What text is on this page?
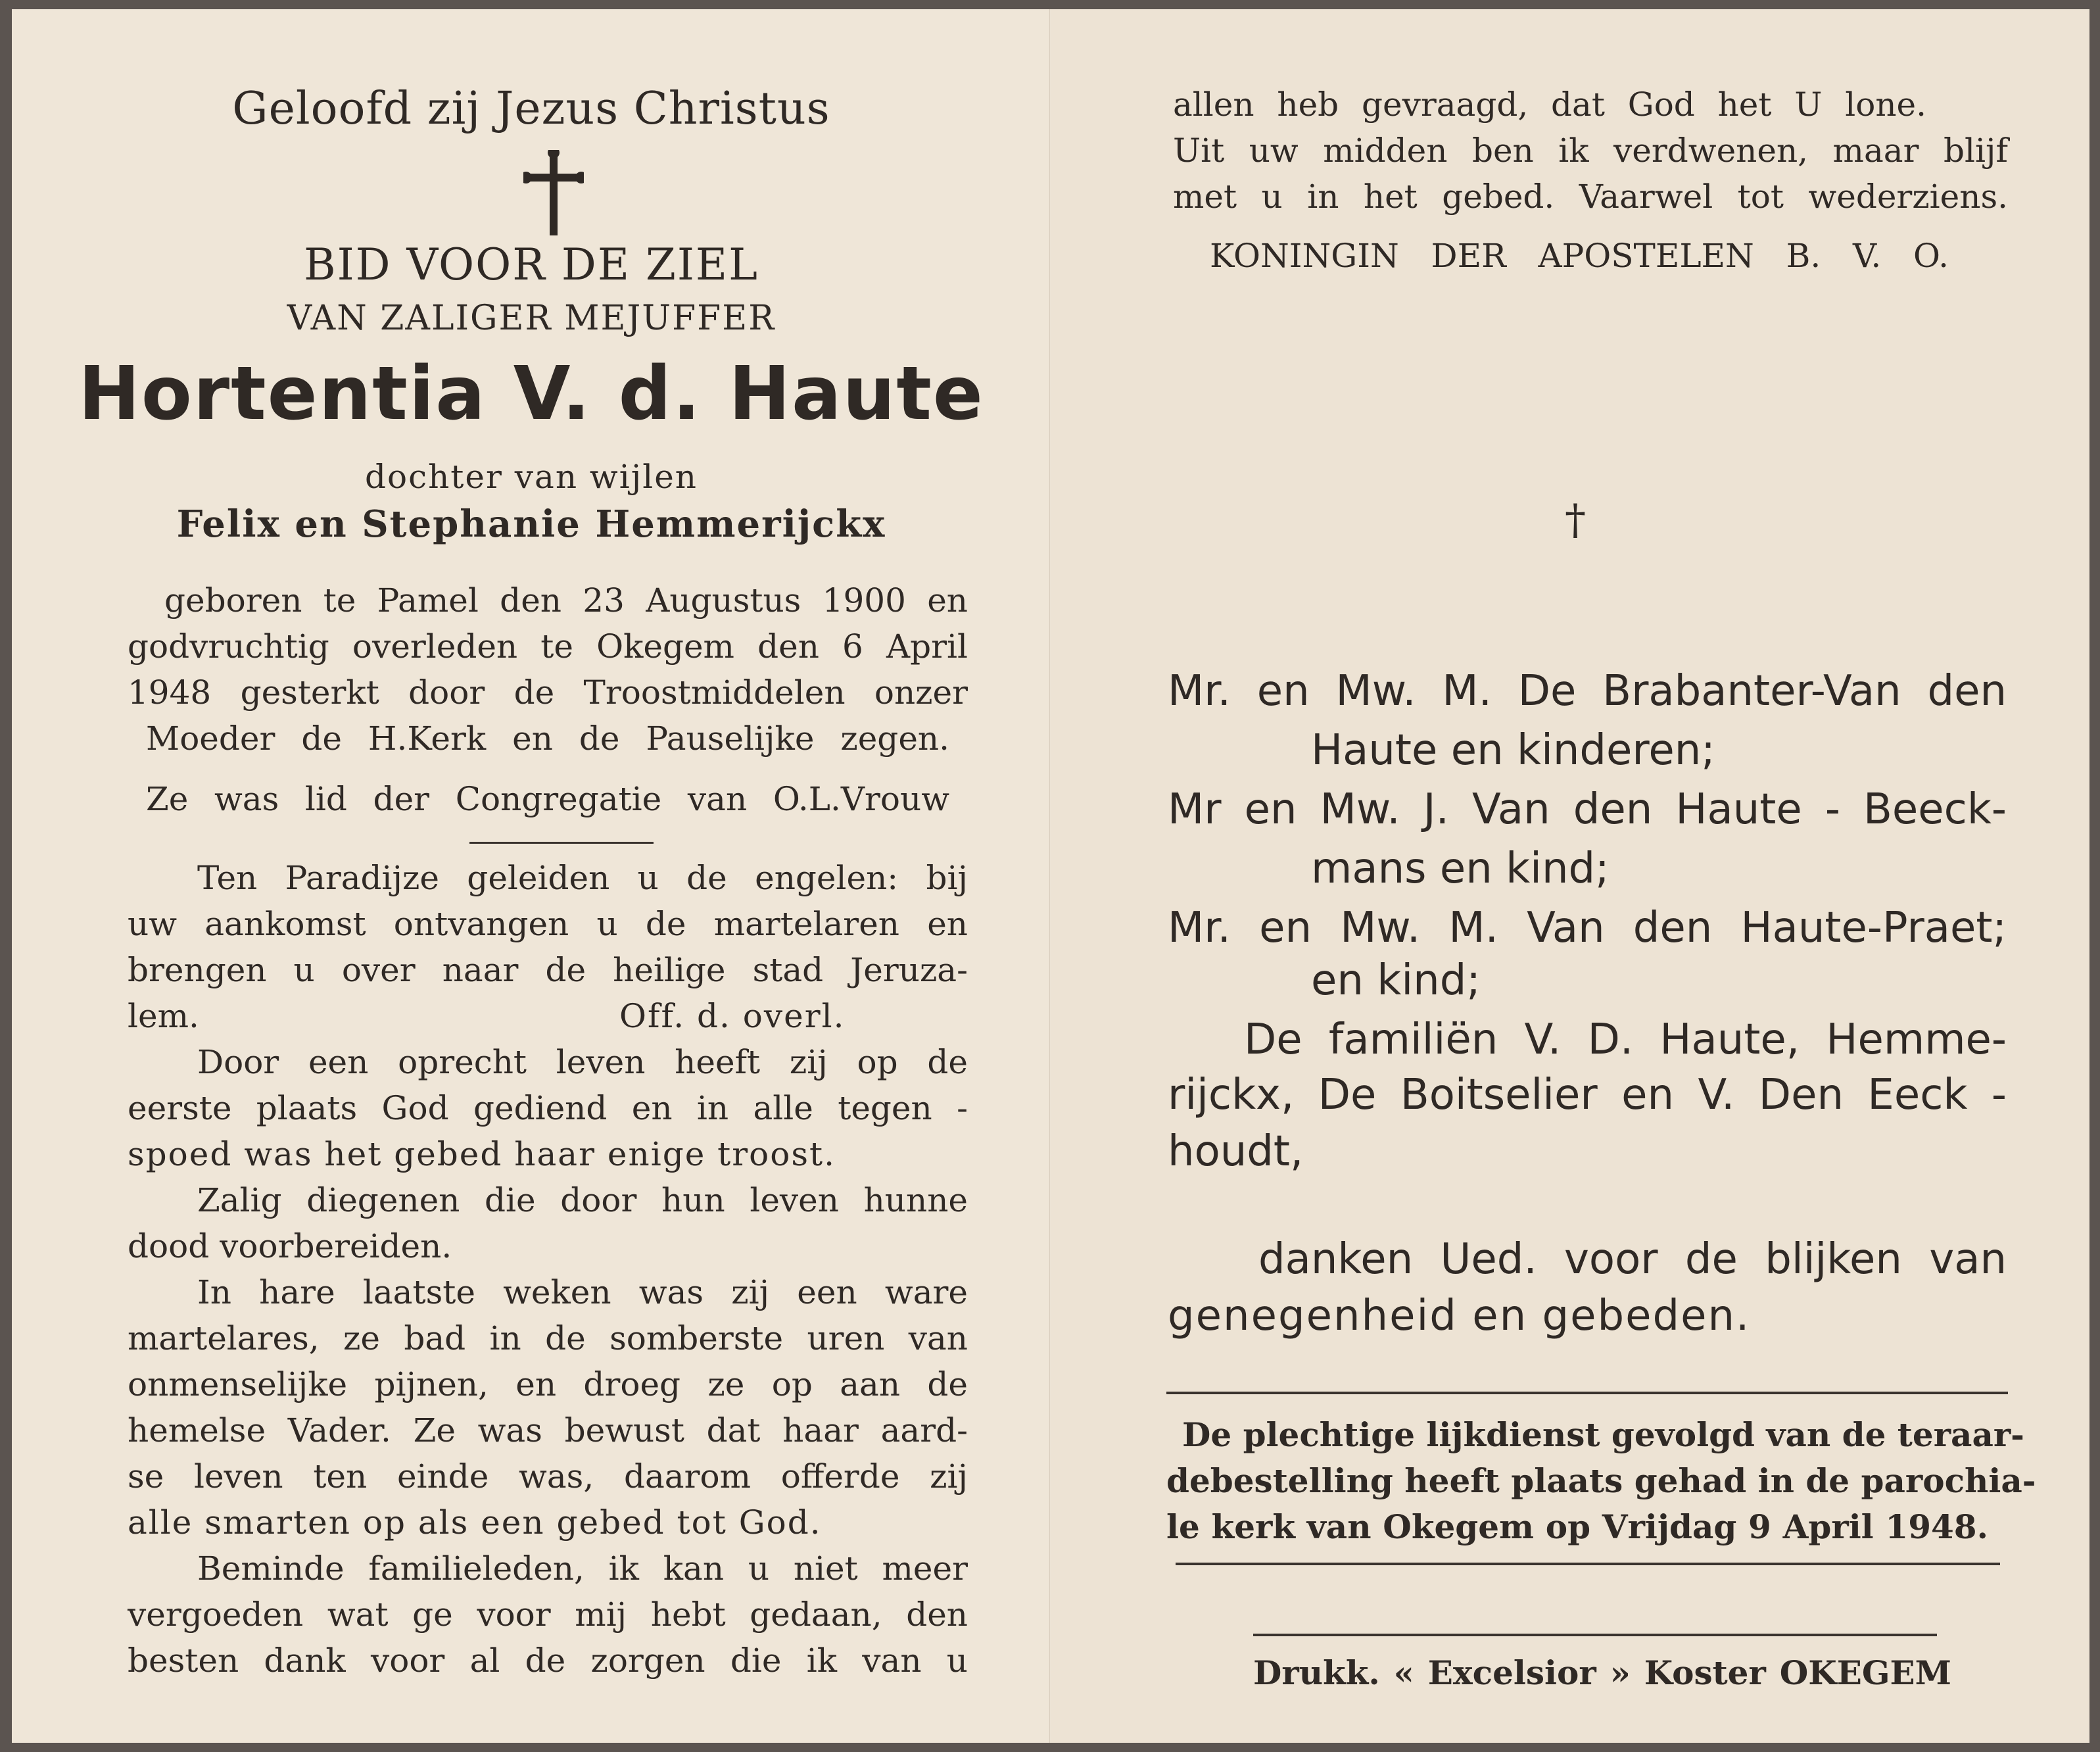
Geloofd zij Jezus Christus
BID VOOR DE ZIEL
VAN ZALIGER MEJUFFER
Hortentia V. d. Haute
dochter van wijlen
Felix en Stephanie Hemmerijckx
geboren te Pamel den 23 Augustus 1900 en
godvruchtig overleden te Okegem den 6 April
1948 gesterkt door de Troostmiddelen onzer
Moeder de H.Kerk en de Pauselijke zegen.
Ze was lid der Congregatie van O.L.Vrouw
Ten Paradijze geleiden u de engelen: bij
uw aankomst ontvangen u de martelaren en
brengen u over naar de heilige stad Jeruza-
lem.	Off. d. overl.
Door een oprecht leven heeft zij op de
eerste plaats God gediend en in alle tegen -
spoed was het gebed haar enige troost.
Zalig diegenen die door hun leven hunne
dood voorbereiden.
In hare laatste weken was zij een ware
martelares, ze bad in de somberste uren van
onmenselijke pijnen, en droeg ze op aan de
hemelse Vader. Ze was bewust dat haar aard-
se leven ten einde was, daarom offerde zij
alle smarten op als een gebed tot God.
Beminde familieleden, ik kan u niet meer
vergoeden wat ge voor mij hebt gedaan, den
besten dank voor al de zorgen die ik van u
allen heb gevraagd, dat God het U lone.
Uit uw midden ben ik verdwenen, maar blijf
met u in het gebed. Vaarwel tot wederziens.
KONINGIN DER APOSTELEN B. V. O.
†
Mr. en Mw. M. De Brabanter-Van den
Haute en kinderen;
Mr en Mw. J. Van den Haute - Beeck-
mans en kind;
Mr. en Mw. M. Van den Haute-Praet;
en kind;
De familiën V. D. Haute, Hemme-
rijckx, De Boitselier en V. Den Eeck -
houdt,
danken Ued. voor de blijken van
genegenheid en gebeden.
De plechtige lijkdienst gevolgd van de teraar-
debestelling heeft plaats gehad in de parochia-
le kerk van Okegem op Vrijdag 9 April 1948.
Drukk. « Excelsior » Koster OKEGEM
